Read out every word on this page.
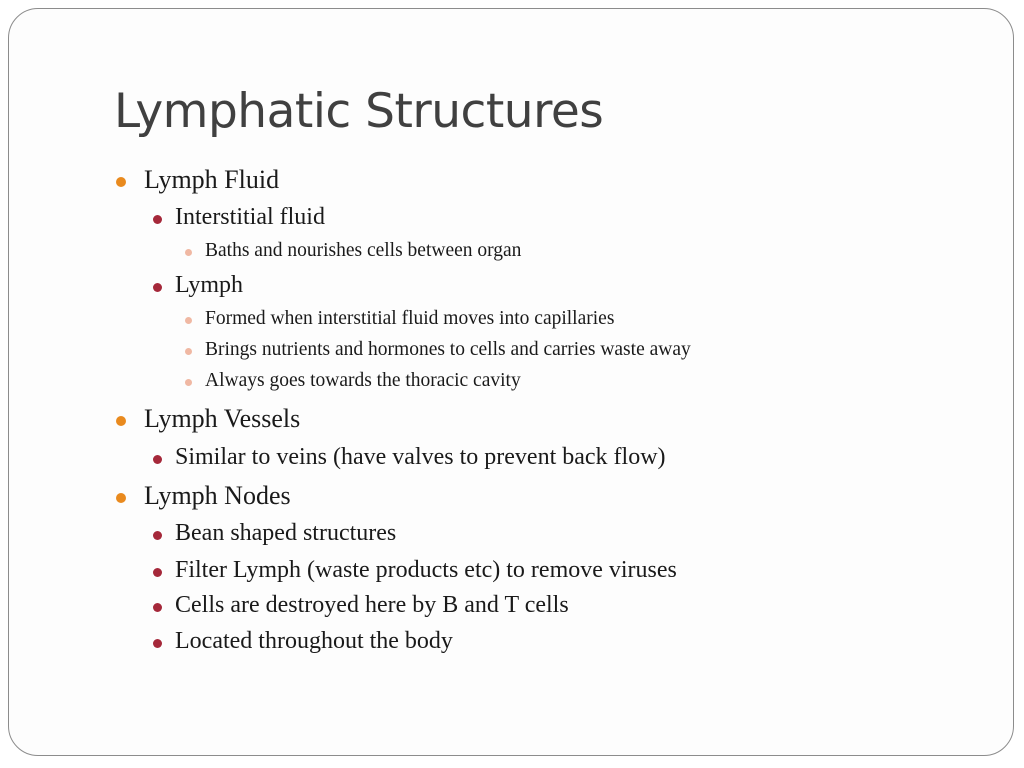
Lymphatic Structures
Lymph Fluid
Interstitial fluid
Baths and nourishes cells between organ
Lymph
Formed when interstitial fluid moves into capillaries
Brings nutrients and hormones to cells and carries waste away
Always goes towards the thoracic cavity
Lymph Vessels
Similar to veins (have valves to prevent back flow)
Lymph Nodes
Bean shaped structures
Filter Lymph (waste products etc) to remove viruses
Cells are destroyed here by B and T cells
Located throughout the body
